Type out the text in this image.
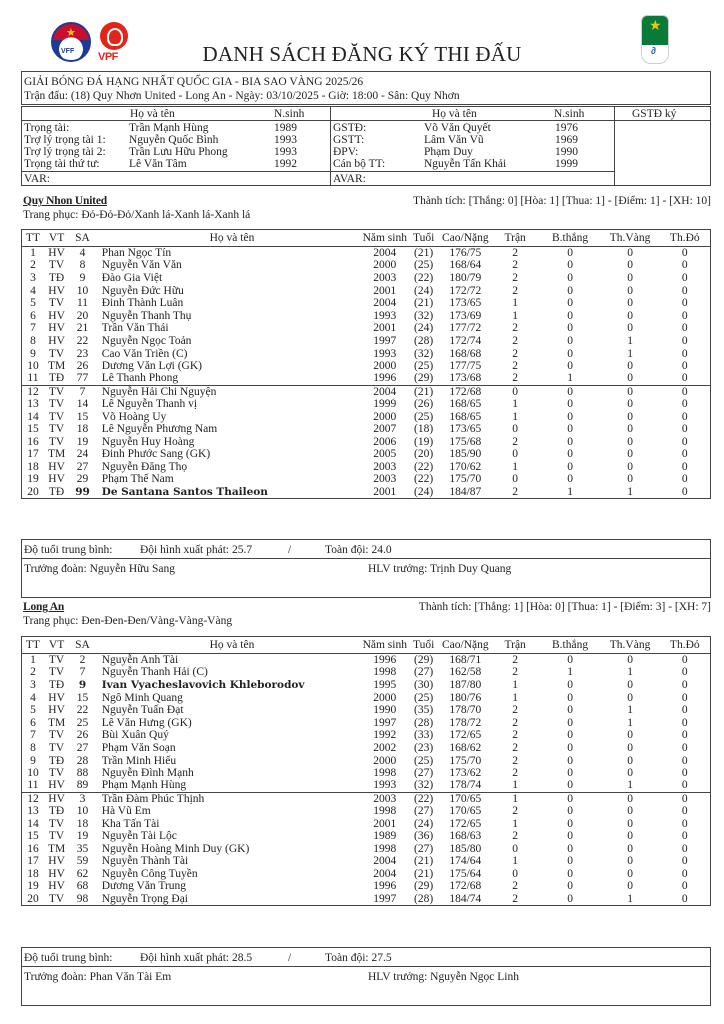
★
VFF VPF
★
∂
DANH SÁCH ĐĂNG KÝ THI ĐẤU
GIẢI BÓNG ĐÁ HẠNG NHẤT QUỐC GIA - BIA SAO VÀNG 2025/26
Trận đấu: (18) Quy Nhơn United - Long An - Ngày: 03/10/2025 - Giờ: 18:00 - Sân: Quy Nhơn
Họ và tên	N.sinh	Họ và tên	N.sinh	GSTĐ ký
Trọng tài:	Trần Mạnh Hùng	1989
Trợ lý trọng tài 1: Nguyễn Quốc Bình	1993
Trợ lý trọng tài 2: Trần Lưu Hữu Phong	1993
Trọng tài thứ tư:	Lê Văn Tâm	1992
GSTĐ:	Võ Văn Quyết	1976
GSTT:	Lâm Văn Vũ	1969
ĐPV:	Phạm Duy	1990
Cán bộ TT:	Nguyễn Tấn Khải	1999
VAR:	AVAR:
Quy Nhon United	Thành tích: [Thắng: 0] [Hòa: 1] [Thua: 1] - [Điểm: 1] - [XH: 10]
Trang phục: Đỏ-Đỏ-Đỏ/Xanh lá-Xanh lá-Xanh lá
TT	VT	SA	Họ và tên	Năm sinh	Tuổi	Cao/Nặng	Trận	B.thắng	Th.Vàng	Th.Đỏ
1	HV	4	Phan Ngọc Tín	2004	(21)	176/75	2	0	0	0
2	TV	8	Nguyễn Văn Văn	2000	(25)	168/64	2	0	0	0
3	TĐ	9	Đào Gia Việt	2003	(22)	180/79	2	0	0	0
4	HV	10	Nguyễn Đức Hữu	2001	(24)	172/72	2	0	0	0
5	TV	11	Đinh Thành Luân	2004	(21)	173/65	1	0	0	0
6	HV	20	Nguyễn Thanh Thụ	1993	(32)	173/69	1	0	0	0
7	HV	21	Trần Văn Thái	2001	(24)	177/72	2	0	0	0
8	HV	22	Nguyễn Ngọc Toản	1997	(28)	172/74	2	0	1	0
9	TV	23	Cao Văn Triền (C)	1993	(32)	168/68	2	0	1	0
10	TM	26	Dương Văn Lợi (GK)	2000	(25)	177/75	2	0	0	0
11	TĐ	77	Lê Thanh Phong	1996	(29)	173/68	2	1	0	0
12	TV	7	Nguyễn Hải Chi Nguyện	2004	(21)	172/68	0	0	0	0
13	TV	14	Lê Nguyễn Thanh vị	1999	(26)	168/65	1	0	0	0
14	TV	15	Võ Hoàng Uy	2000	(25)	168/65	1	0	0	0
15	TV	18	Lê Nguyễn Phương Nam	2007	(18)	173/65	0	0	0	0
16	TV	19	Nguyễn Huy Hoàng	2006	(19)	175/68	2	0	0	0
17	TM	24	Đinh Phước Sang (GK)	2005	(20)	185/90	0	0	0	0
18	HV	27	Nguyễn Đăng Thọ	2003	(22)	170/62	1	0	0	0
19	HV	29	Phạm Thế Nam	2003	(22)	175/70	0	0	0	0
20	TĐ	99	De Santana Santos Thaileon	2001	(24)	184/87	2	1	1	0
Độ tuổi trung bình: Đội hình xuất phát: 25.7	/	Toàn đội: 24.0
Trưởng đoàn: Nguyễn Hữu Sang	HLV trưởng: Trịnh Duy Quang
Long An	Thành tích: [Thắng: 1] [Hòa: 0] [Thua: 1] - [Điểm: 3] - [XH: 7]
Trang phục: Đen-Đen-Đen/Vàng-Vàng-Vàng
TT	VT	SA	Họ và tên	Năm sinh	Tuổi	Cao/Nặng	Trận	B.thắng	Th.Vàng	Th.Đỏ
1	TV	2	Nguyễn Anh Tài	1996	(29)	168/71	2	0	0	0
2	TV	7	Nguyễn Thanh Hải (C)	1998	(27)	162/58	2	1	1	0
3	TĐ	9	Ivan Vyacheslavovich Khleborodov	1995	(30)	187/80	1	0	0	0
4	HV	15	Ngô Minh Quang	2000	(25)	180/76	1	0	0	0
5	HV	22	Nguyễn Tuấn Đạt	1990	(35)	178/70	2	0	1	0
6	TM	25	Lê Văn Hưng (GK)	1997	(28)	178/72	2	0	1	0
7	TV	26	Bùi Xuân Quý	1992	(33)	172/65	2	0	0	0
8	TV	27	Phạm Văn Soạn	2002	(23)	168/62	2	0	0	0
9	TĐ	28	Trần Minh Hiếu	2000	(25)	175/70	2	0	0	0
10	TV	88	Nguyễn Đình Mạnh	1998	(27)	173/62	2	0	0	0
11	HV	89	Phạm Mạnh Hùng	1993	(32)	178/74	1	0	1	0
12	HV	3	Trần Đàm Phúc Thịnh	2003	(22)	170/65	1	0	0	0
13	TĐ	10	Hà Vũ Em	1998	(27)	170/65	2	0	0	0
14	TV	18	Kha Tấn Tài	2001	(24)	172/65	1	0	0	0
15	TV	19	Nguyễn Tài Lộc	1989	(36)	168/63	2	0	0	0
16	TM	35	Nguyễn Hoàng Minh Duy (GK)	1998	(27)	185/80	0	0	0	0
17	HV	59	Nguyễn Thành Tài	2004	(21)	174/64	1	0	0	0
18	HV	62	Nguyễn Công Tuyền	2004	(21)	175/64	0	0	0	0
19	HV	68	Dương Văn Trung	1996	(29)	172/68	2	0	0	0
20	TV	98	Nguyễn Trọng Đại	1997	(28)	184/74	2	0	1	0
Độ tuổi trung bình: Đội hình xuất phát: 28.5	/	Toàn đội: 27.5
Trưởng đoàn: Phan Văn Tài Em	HLV trưởng: Nguyễn Ngọc Linh
